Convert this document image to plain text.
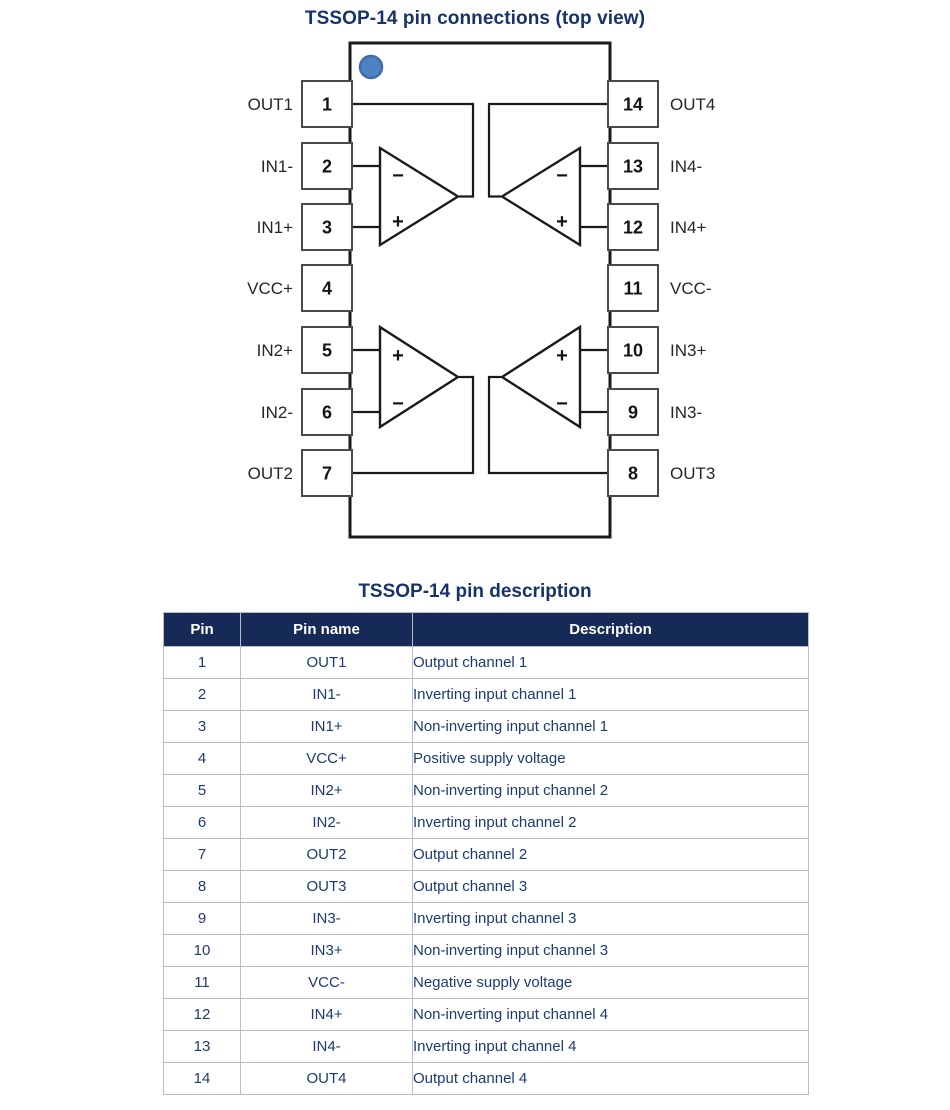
TSSOP-14 pin connections (top view)
−
+
−
+
+
−
+
−
1
OUT1
2
IN1-
3
IN1+
4
VCC+
5
IN2+
6
IN2-
7
OUT2
14 OUT4
13 IN4-
12 IN4+
11 VCC-
10 IN3+
9 IN3-
8 OUT3
TSSOP-14 pin description
Pin	Pin name	Description
1	OUT1	Output channel 1
2	IN1-	Inverting input channel 1
3	IN1+	Non-inverting input channel 1
4	VCC+	Positive supply voltage
5	IN2+	Non-inverting input channel 2
6	IN2-	Inverting input channel 2
7	OUT2	Output channel 2
8	OUT3	Output channel 3
9	IN3-	Inverting input channel 3
10	IN3+	Non-inverting input channel 3
11	VCC-	Negative supply voltage
12	IN4+	Non-inverting input channel 4
13	IN4-	Inverting input channel 4
14	OUT4	Output channel 4
